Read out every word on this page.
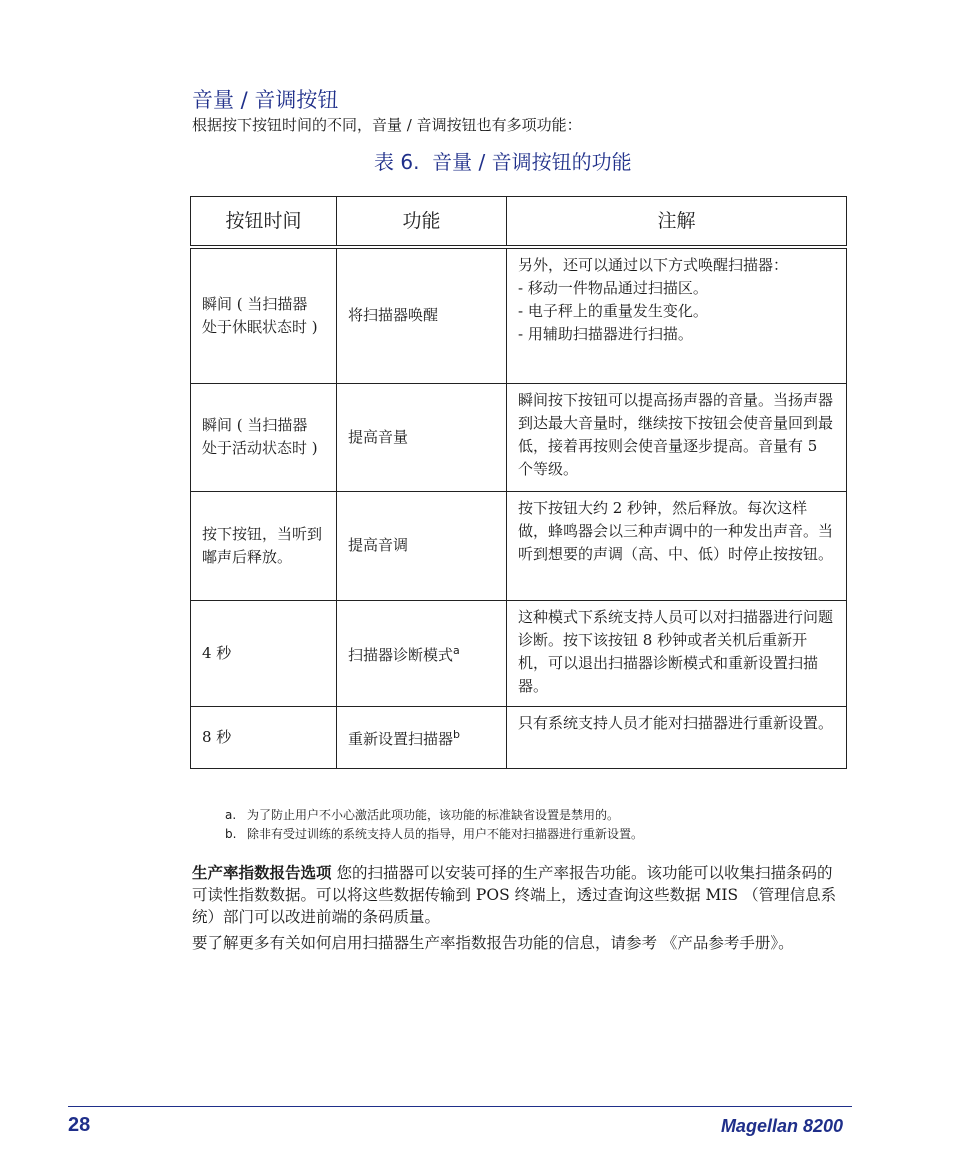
音量 / 音调按钮
根据按下按钮时间的不同，音量 / 音调按钮也有多项功能：
表 6.  音量 / 音调按钮的功能
按钮时间	功能	注解
瞬间 ( 当扫描器处于休眠状态时 )	将扫描器唤醒	另外，还可以通过以下方式唤醒扫描器：
- 移动一件物品通过扫描区。
- 电子秤上的重量发生变化。
- 用辅助扫描器进行扫描。

瞬间 ( 当扫描器处于活动状态时 )	提高音量	瞬间按下按钮可以提高扬声器的音量。当扬声器到达最大音量时，继续按下按钮会使音量回到最低，接着再按则会使音量逐步提高。音量有 5 个等级。

按下按钮，当听到嘟声后释放。	提高音调	按下按钮大约 2 秒钟，然后释放。每次这样做，蜂鸣器会以三种声调中的一种发出声音。当听到想要的声调（高、中、低）时停止按按钮。

4 秒	扫描器诊断模式$^a$	这种模式下系统支持人员可以对扫描器进行问题诊断。按下该按钮 8 秒钟或者关机后重新开机，可以退出扫描器诊断模式和重新设置扫描器。

8 秒	重新设置扫描器$^b$	只有系统支持人员才能对扫描器进行重新设置。
a. 为了防止用户不小心激活此项功能，该功能的标准缺省设置是禁用的。
b. 除非有受过训练的系统支持人员的指导，用户不能对扫描器进行重新设置。
生产率指数报告选项 您的扫描器可以安装可择的生产率报告功能。该功能可以收集扫描条码的可读性指数数据。可以将这些数据传输到 POS 终端上，透过查询这些数据 MIS （管理信息系统）部门可以改进前端的条码质量。
要了解更多有关如何启用扫描器生产率指数报告功能的信息，请参考 《产品参考手册》。
28	Magellan 8200
